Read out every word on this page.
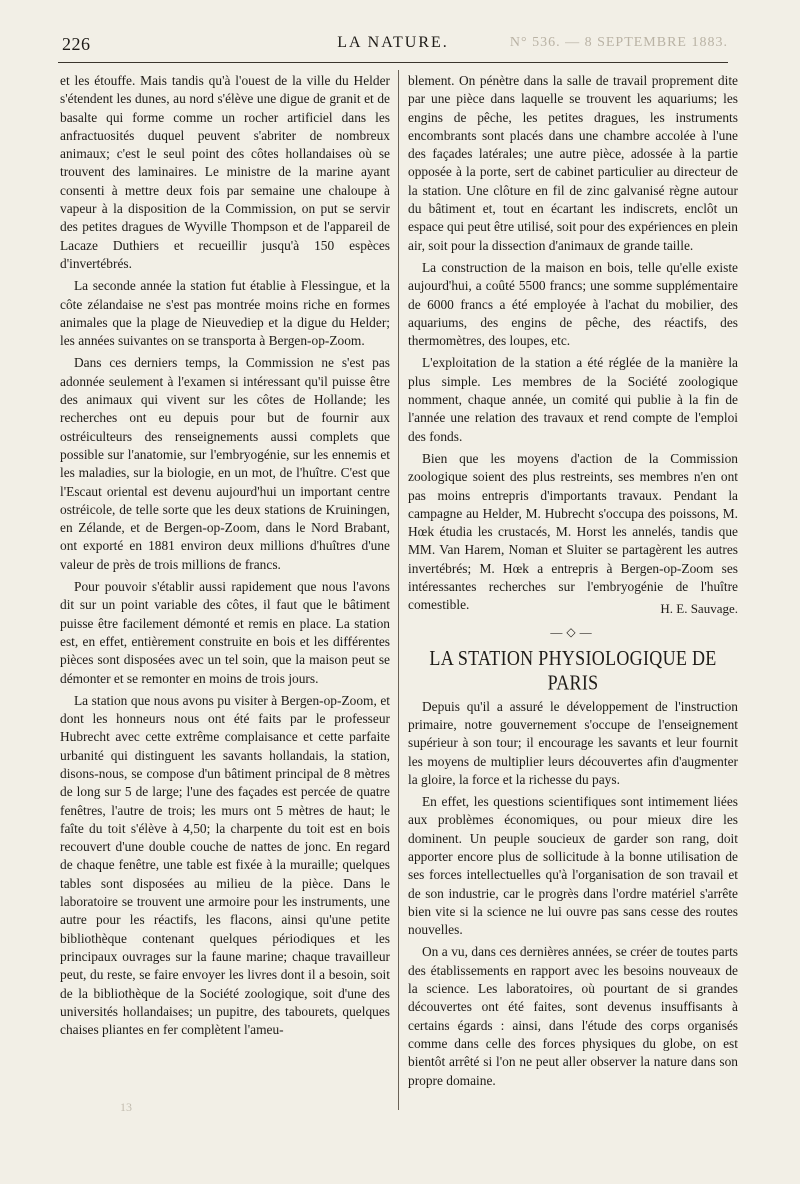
226	LA NATURE.	N° 536. — 8 SEPTEMBRE 1883.

et les étouffe. Mais tandis qu'à l'ouest de la ville du Helder s'étendent les dunes, au nord s'élève une digue de granit et de basalte qui forme comme un rocher artificiel dans les anfractuosités duquel peuvent s'abriter de nombreux animaux; c'est le seul point des côtes hollandaises où se trouvent des laminaires. Le ministre de la marine ayant consenti à mettre deux fois par semaine une chaloupe à vapeur à la disposition de la Commission, on put se servir des petites dragues de Wyville Thompson et de l'appareil de Lacaze Duthiers et recueillir jusqu'à 150 espèces d'invertébrés.

La seconde année la station fut établie à Flessingue, et la côte zélandaise ne s'est pas montrée moins riche en formes animales que la plage de Nieuvediep et la digue du Helder; les années suivantes on se transporta à Bergen-op-Zoom.

Dans ces derniers temps, la Commission ne s'est pas adonnée seulement à l'examen si intéressant qu'il puisse être des animaux qui vivent sur les côtes de Hollande; les recherches ont eu depuis pour but de fournir aux ostréiculteurs des renseignements aussi complets que possible sur l'anatomie, sur l'embryogénie, sur les ennemis et les maladies, sur la biologie, en un mot, de l'huître. C'est que l'Escaut oriental est devenu aujourd'hui un important centre ostréicole, de telle sorte que les deux stations de Kruiningen, en Zélande, et de Bergen-op-Zoom, dans le Nord Brabant, ont exporté en 1881 environ deux millions d'huîtres d'une valeur de près de trois millions de francs.

Pour pouvoir s'établir aussi rapidement que nous l'avons dit sur un point variable des côtes, il faut que le bâtiment puisse être facilement démonté et remis en place. La station est, en effet, entièrement construite en bois et les différentes pièces sont disposées avec un tel soin, que la maison peut se démonter et se remonter en moins de trois jours.

La station que nous avons pu visiter à Bergen-op-Zoom, et dont les honneurs nous ont été faits par le professeur Hubrecht avec cette extrême complaisance et cette parfaite urbanité qui distinguent les savants hollandais, la station, disons-nous, se compose d'un bâtiment principal de 8 mètres de long sur 5 de large; l'une des façades est percée de quatre fenêtres, l'autre de trois; les murs ont 5 mètres de haut; le faîte du toit s'élève à 4,50; la charpente du toit est en bois recouvert d'une double couche de nattes de jonc. En regard de chaque fenêtre, une table est fixée à la muraille; quelques tables sont disposées au milieu de la pièce. Dans le laboratoire se trouvent une armoire pour les instruments, une autre pour les réactifs, les flacons, ainsi qu'une petite bibliothèque contenant quelques périodiques et les principaux ouvrages sur la faune marine; chaque travailleur peut, du reste, se faire envoyer les livres dont il a besoin, soit de la bibliothèque de la Société zoologique, soit d'une des universités hollandaises; un pupitre, des tabourets, quelques chaises pliantes en fer complètent l'ameu-

blement. On pénètre dans la salle de travail proprement dite par une pièce dans laquelle se trouvent les aquariums; les engins de pêche, les petites dragues, les instruments encombrants sont placés dans une chambre accolée à l'une des façades latérales; une autre pièce, adossée à la partie opposée à la porte, sert de cabinet particulier au directeur de la station. Une clôture en fil de zinc galvanisé règne autour du bâtiment et, tout en écartant les indiscrets, enclôt un espace qui peut être utilisé, soit pour des expériences en plein air, soit pour la dissection d'animaux de grande taille.

La construction de la maison en bois, telle qu'elle existe aujourd'hui, a coûté 5500 francs; une somme supplémentaire de 6000 francs a été employée à l'achat du mobilier, des aquariums, des engins de pêche, des réactifs, des thermomètres, des loupes, etc.

L'exploitation de la station a été réglée de la manière la plus simple. Les membres de la Société zoologique nomment, chaque année, un comité qui publie à la fin de l'année une relation des travaux et rend compte de l'emploi des fonds.

Bien que les moyens d'action de la Commission zoologique soient des plus restreints, ses membres n'en ont pas moins entrepris d'importants travaux. Pendant la campagne au Helder, M. Hubrecht s'occupa des poissons, M. Hœk étudia les crustacés, M. Horst les annelés, tandis que MM. Van Harem, Noman et Sluiter se partagèrent les autres invertébrés; M. Hœk a entrepris à Bergen-op-Zoom ses intéressantes recherches sur l'embryogénie de l'huître comestible.	H. E. Sauvage.
—◇—
LA STATION PHYSIOLOGIQUE DE PARIS

Depuis qu'il a assuré le développement de l'instruction primaire, notre gouvernement s'occupe de l'enseignement supérieur à son tour; il encourage les savants et leur fournit les moyens de multiplier leurs découvertes afin d'augmenter la gloire, la force et la richesse du pays.

En effet, les questions scientifiques sont intimement liées aux problèmes économiques, ou pour mieux dire les dominent. Un peuple soucieux de garder son rang, doit apporter encore plus de sollicitude à la bonne utilisation de ses forces intellectuelles qu'à l'organisation de son travail et de son industrie, car le progrès dans l'ordre matériel s'arrête bien vite si la science ne lui ouvre pas sans cesse des routes nouvelles.

On a vu, dans ces dernières années, se créer de toutes parts des établissements en rapport avec les besoins nouveaux de la science. Les laboratoires, où pourtant de si grandes découvertes ont été faites, sont devenus insuffisants à certains égards : ainsi, dans l'étude des corps organisés comme dans celle des forces physiques du globe, on est bientôt arrêté si l'on ne peut aller observer la nature dans son propre domaine.

13
